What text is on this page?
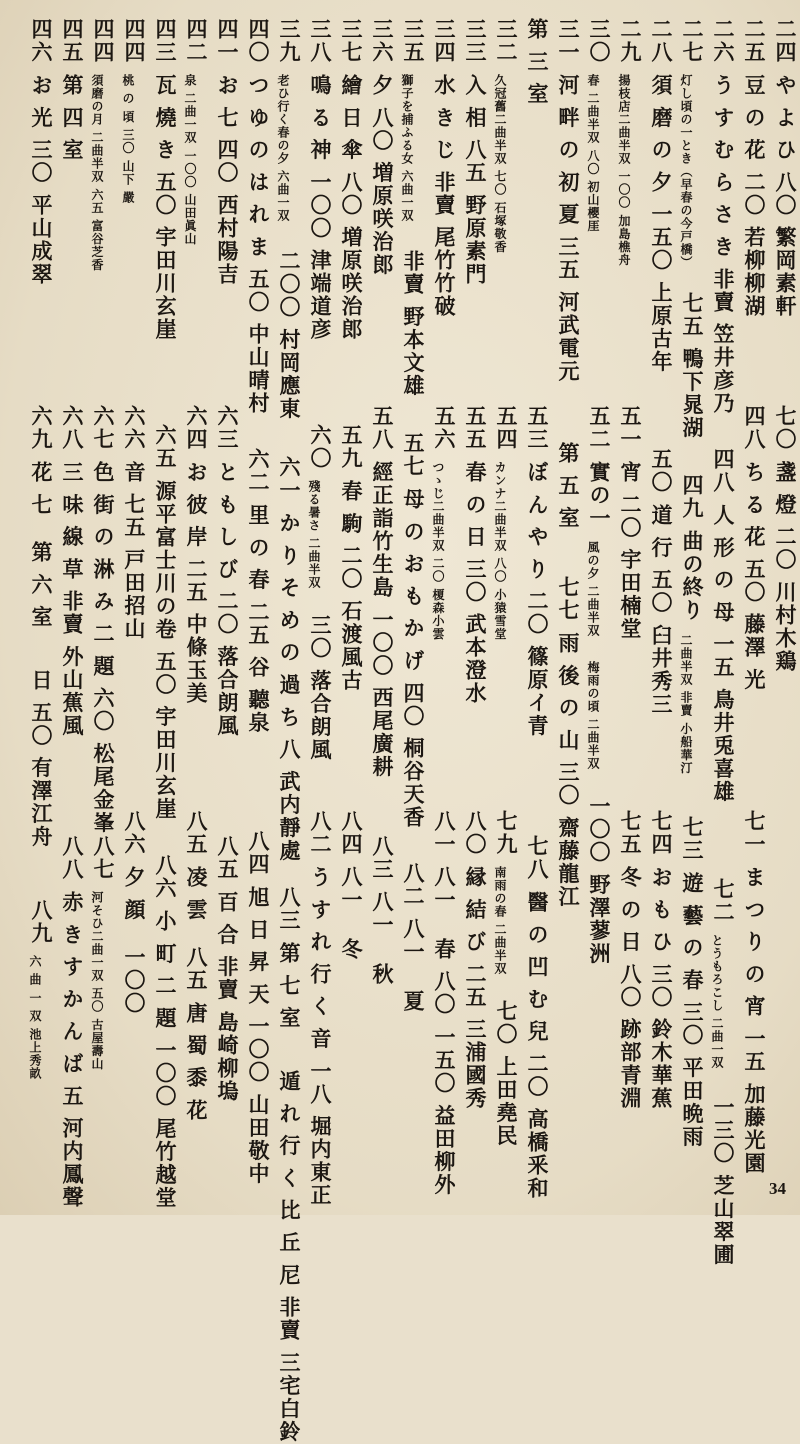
二四
や よ ひ 八〇 繁岡素軒
七〇
盞 燈 二〇 川村木鶏
二五
豆 の 花 二〇 若柳柳湖
四八
ち る 花 五〇 藤澤 光
七一
ま つ り の 宵 一五 加藤光園
二六
う す む ら さ き 非賣 笠井彦乃
四八
人 形 の 母 一五 鳥井兎喜雄
七二
とうもろこし 二曲一双
一三〇 芝山翠圃
二七
灯し頃の一とき（早春の今戸橋）
七五 鴨下晁湖
四九
曲の終り
二曲半双 非賣 小船華汀
七三
遊 藝 の 春 三〇 平田晩雨
二八
須 磨 の 夕 一五〇 上原古年
五〇
道 行 五〇 臼井秀三
七四
お も ひ 三〇 鈴木華蕉
二九
揚枝店二曲半双 一〇〇 加島樵舟
五一
宵 二〇 宇田楠堂
七五
冬 の 日 八〇 跡部青淵
三〇
春 二曲半双 八〇 初山櫻厓
五二
實の一
風の夕 二曲半双
梅雨の頃 二曲半双
一〇〇 野澤蓼洲
三一
河 畔 の 初 夏 三五 河武電元
第 五 室
七七
雨 後 の 山 三〇 齋藤龍江
第 三 室
五三
ぼ ん や り 二〇 篠原イ青
七八
醫 の 凹 む 兒 二〇 高橋釆和
三二
久冠舊二曲半双 七〇 石塚敬香
五四
カンナ二曲半双 八〇 小猿雪堂
七九
南雨の春 二曲半双
七〇 上田堯民
三三
入 相 八五 野原素門
五五
春 の 日 三〇 武本澄水
八〇
縁 結 び 二五 三浦國秀
三四
水 き じ 非賣 尾竹竹破
五六
つゝじ二曲半双 二〇 榎森小雲
八一 八一
春
八〇
一五〇 益田柳外
三五
獅子を捕ふる女 六曲一双
非賣 野本文雄
五七
母 の お も か げ 四〇 桐谷天香
八二 八一
夏
三六
夕 八〇 増原咲治郎
五八
經正詣竹生島 一〇〇 西尾廣耕
八三 八一
秋
三七
繪 日 傘 八〇 増原咲治郎
五九
春 駒 二〇 石渡風古
八四 八一
冬
三八
鳴 る 神 一〇〇 津端道彦
六〇
殘る暑さ 二曲半双
三〇 落合朗風
八二
う す れ 行 く 音 一八 堀内東正
三九
老ひ行く春の夕 六曲一双
二〇〇 村岡應東
六一
か り そ め の 過 ち 八 武内靜處
八三
第 七 室
遁 れ 行 く 比 丘 尼 非賣 三宅白鈴
四〇
つ ゆ の は れ ま 五〇 中山晴村
六二
里 の 春 二五 谷 聽泉
八四
旭 日 昇 天 一〇〇 山田敬中
四一
お 七 四〇 西村陽吉
六三
と も し び 二〇 落合朗風
八五
百 合 非賣 島崎柳塢
四二
泉 二曲一双 一〇〇 山田眞山
六四
お 彼 岸 二五 中條玉美
八五
凌 雲
八五
唐 蜀 黍 花
四三
瓦 燒 き 五〇 宇田川玄崖
六五
源平富士川の卷 五〇 宇田川玄崖
八六
小 町 二 題 一〇〇 尾竹越堂
四四
桃 の 頃 三〇 山下 嚴
六六
音
七五 戸田招山
八六
夕 顔
一〇〇
四四
須磨の月 二曲半双 六五 富谷芝香
六七
色 街 の 淋 み 二 題 六〇 松尾金峯
八七
河そひ二曲一双 五〇 古屋壽山
四五
第 四 室
六八
三 味 線 草 非賣 外山蕉風
八八
赤 き す か ん ば 五 河内鳳聲
四六
お 光 三〇 平山成翠
六九
花 七
第 六 室
日 五〇 有澤江舟
八九
六 曲 一 双 池上秀畝
34
